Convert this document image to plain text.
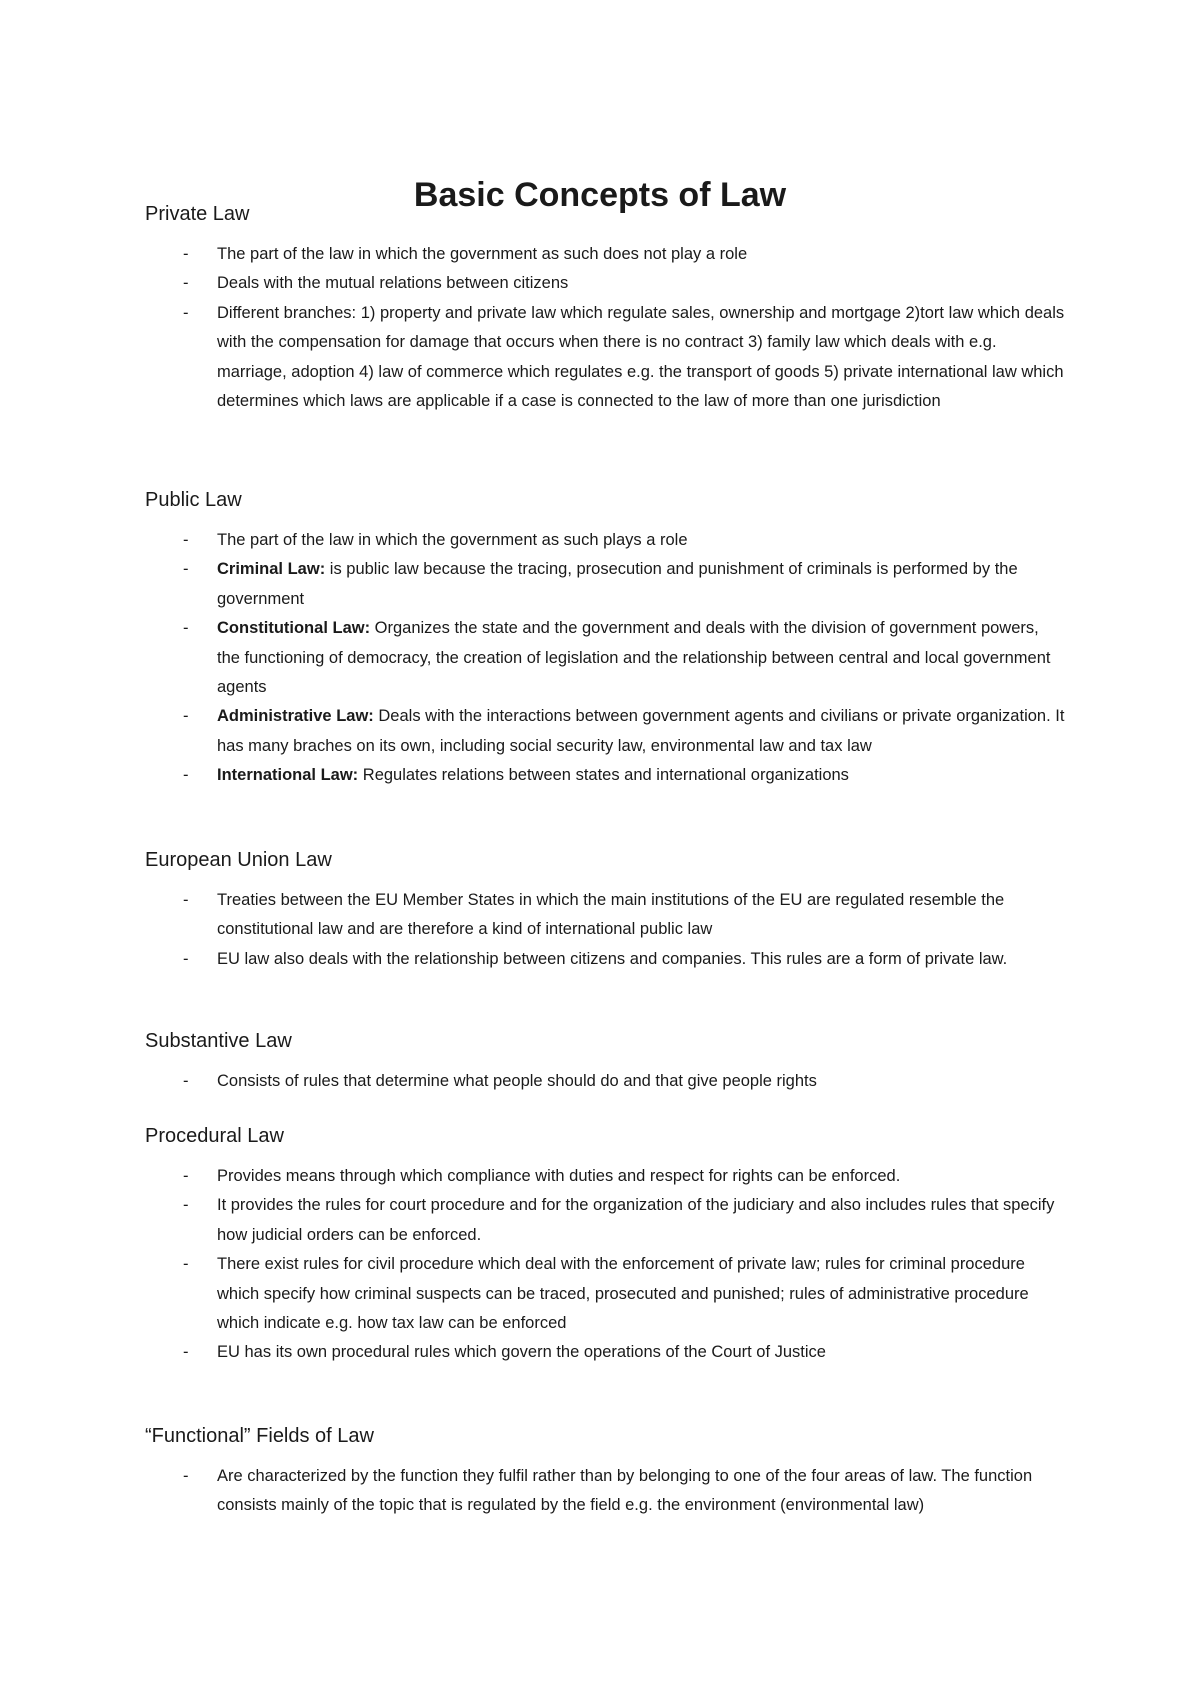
Basic Concepts of Law
Private Law
- The part of the law in which the government as such does not play a role
- Deals with the mutual relations between citizens
- Different branches: 1) property and private law which regulate sales, ownership and mortgage 2)tort law which deals with the compensation for damage that occurs when there is no contract 3) family law which deals with e.g. marriage, adoption 4) law of commerce which regulates e.g. the transport of goods 5) private international law which determines which laws are applicable if a case is connected to the law of more than one jurisdiction
Public Law
- The part of the law in which the government as such plays a role
- Criminal Law: is public law because the tracing, prosecution and punishment of criminals is performed by the government
- Constitutional Law: Organizes the state and the government and deals with the division of government powers, the functioning of democracy, the creation of legislation and the relationship between central and local government agents
- Administrative Law: Deals with the interactions between government agents and civilians or private organization. It has many braches on its own, including social security law, environmental law and tax law
- International Law: Regulates relations between states and international organizations
European Union Law
- Treaties between the EU Member States in which the main institutions of the EU are regulated resemble the constitutional law and are therefore a kind of international public law
- EU law also deals with the relationship between citizens and companies. This rules are a form of private law.
Substantive Law
- Consists of rules that determine what people should do and that give people rights
Procedural Law
- Provides means through which compliance with duties and respect for rights can be enforced.
- It provides the rules for court procedure and for the organization of the judiciary and also includes rules that specify how judicial orders can be enforced.
- There exist rules for civil procedure which deal with the enforcement of private law; rules for criminal procedure which specify how criminal suspects can be traced, prosecuted and punished; rules of administrative procedure which indicate e.g. how tax law can be enforced
- EU has its own procedural rules which govern the operations of the Court of Justice
“Functional” Fields of Law
- Are characterized by the function they fulfil rather than by belonging to one of the four areas of law. The function consists mainly of the topic that is regulated by the field e.g. the environment (environmental law)
